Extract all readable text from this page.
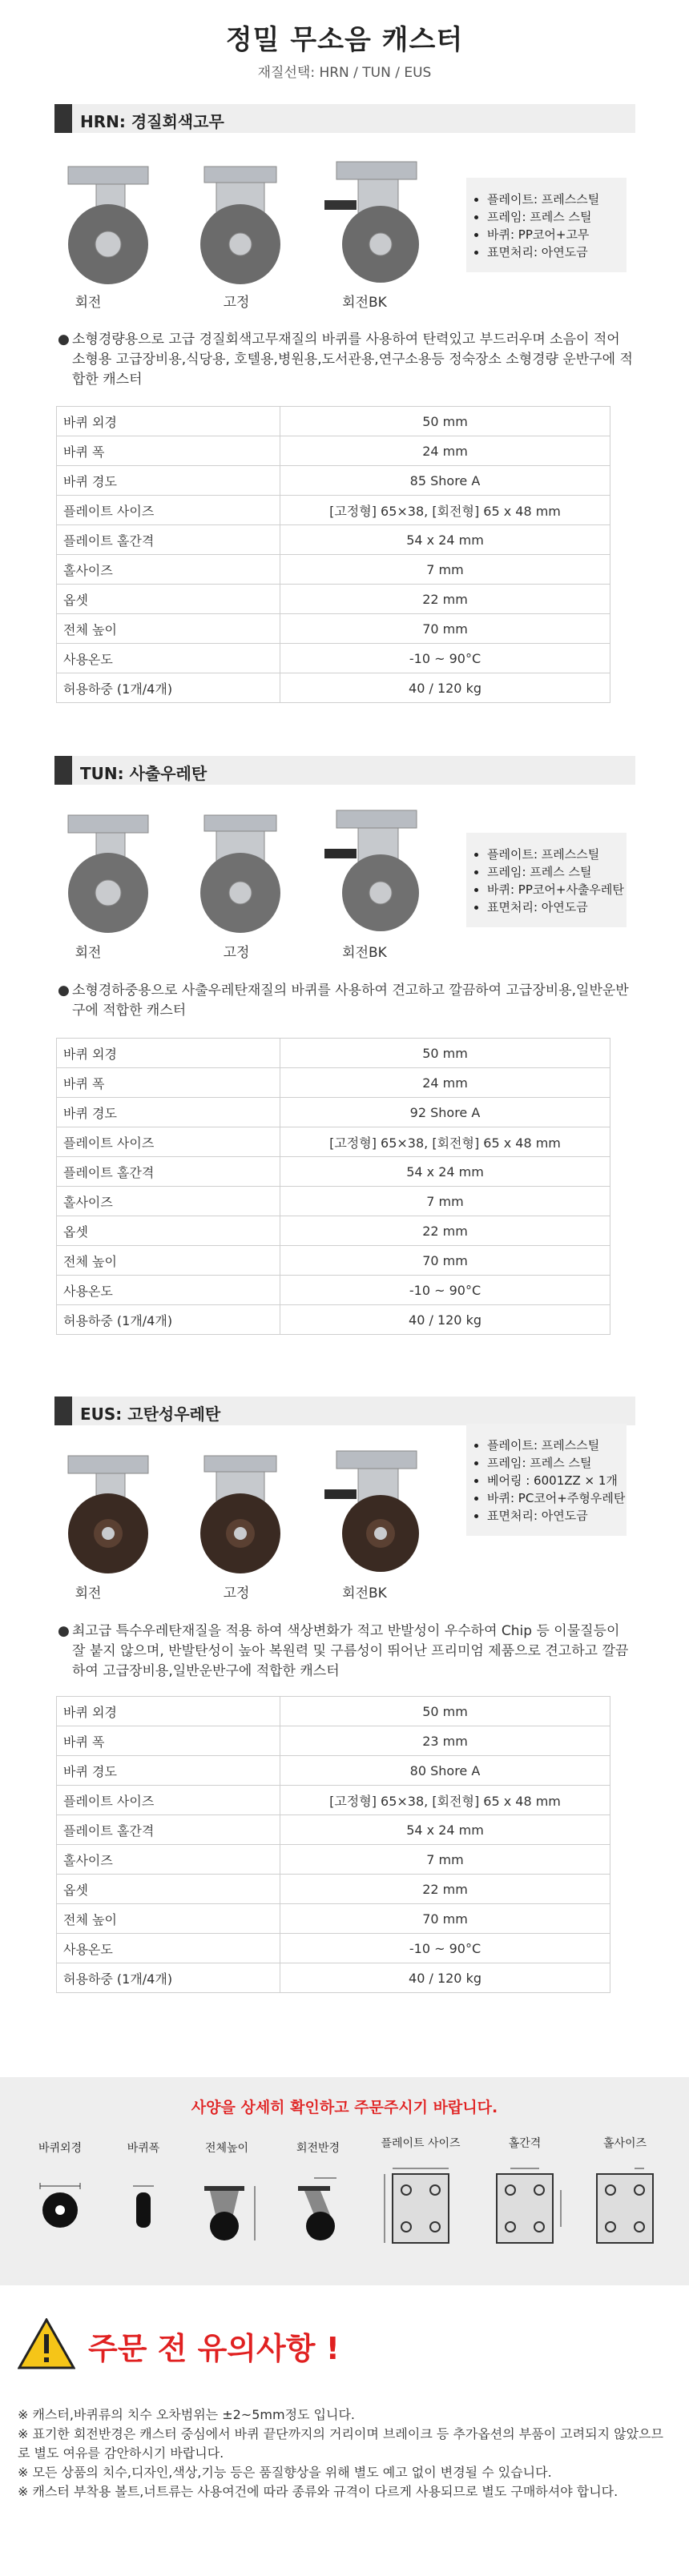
정밀 무소음 캐스터
재질선택: HRN / TUN / EUS
HRN: 경질회색고무
회전	고정	회전BK
• 플레이트: 프레스스틸
• 프레임: 프레스 스틸
• 바퀴: PP코어+고무
• 표면처리: 아연도금
● 소형경량용으로 고급 경질회색고무재질의 바퀴를 사용하여 탄력있고 부드러우며 소음이 적어 소형용 고급장비용,식당용, 호텔용,병원용,도서관용,연구소용등 정숙장소 소형경량 운반구에 적합한 캐스터
바퀴 외경	50 mm
바퀴 폭	24 mm
바퀴 경도	85 Shore A
플레이트 사이즈	[고정형] 65×38, [회전형] 65 x 48 mm
플레이트 홀간격	54 x 24 mm
홀사이즈	7 mm
옵셋	22 mm
전체 높이	70 mm
사용온도	-10 ~ 90°C
허용하중 (1개/4개)	40 / 120 kg
TUN: 사출우레탄
회전	고정	회전BK
• 플레이트: 프레스스틸
• 프레임: 프레스 스틸
• 바퀴: PP코어+사출우레탄
• 표면처리: 아연도금
● 소형경하중용으로 사출우레탄재질의 바퀴를 사용하여 견고하고 깔끔하여 고급장비용,일반운반구에 적합한 캐스터
바퀴 외경	50 mm
바퀴 폭	24 mm
바퀴 경도	92 Shore A
플레이트 사이즈	[고정형] 65×38, [회전형] 65 x 48 mm
플레이트 홀간격	54 x 24 mm
홀사이즈	7 mm
옵셋	22 mm
전체 높이	70 mm
사용온도	-10 ~ 90°C
허용하중 (1개/4개)	40 / 120 kg
EUS: 고탄성우레탄
회전	고정	회전BK
• 플레이트: 프레스스틸
• 프레임: 프레스 스틸
• 베어링 : 6001ZZ × 1개
• 바퀴: PC코어+주형우레탄
• 표면처리: 아연도금
● 최고급 특수우레탄재질을 적용 하여 색상변화가 적고 반발성이 우수하여 Chip 등 이물질등이 잘 붙지 않으며, 반발탄성이 높아 복원력 및 구름성이 뛰어난 프리미엄 제품으로 견고하고 깔끔하여 고급장비용,일반운반구에 적합한 캐스터
바퀴 외경	50 mm
바퀴 폭	23 mm
바퀴 경도	80 Shore A
플레이트 사이즈	[고정형] 65×38, [회전형] 65 x 48 mm
플레이트 홀간격	54 x 24 mm
홀사이즈	7 mm
옵셋	22 mm
전체 높이	70 mm
사용온도	-10 ~ 90°C
허용하중 (1개/4개)	40 / 120 kg
사양을 상세히 확인하고 주문주시기 바랍니다.
바퀴외경	바퀴폭	전체높이	회전반경	플레이트 사이즈	홀간격	홀사이즈
주문 전 유의사항 !

※ 캐스터,바퀴류의 치수 오차범위는 ±2~5mm정도 입니다.

※ 표기한 회전반경은 캐스터 중심에서 바퀴 끝단까지의 거리이며 브레이크 등 추가옵션의 부품이 고려되지 않았으므로 별도 여유를 감안하시기 바랍니다.

※ 모든 상품의 치수,디자인,색상,기능 등은 품질향상을 위해 별도 예고 없이 변경될 수 있습니다.

※ 캐스터 부착용 볼트,너트류는 사용여건에 따라 종류와 규격이 다르게 사용되므로 별도 구매하셔야 합니다.
